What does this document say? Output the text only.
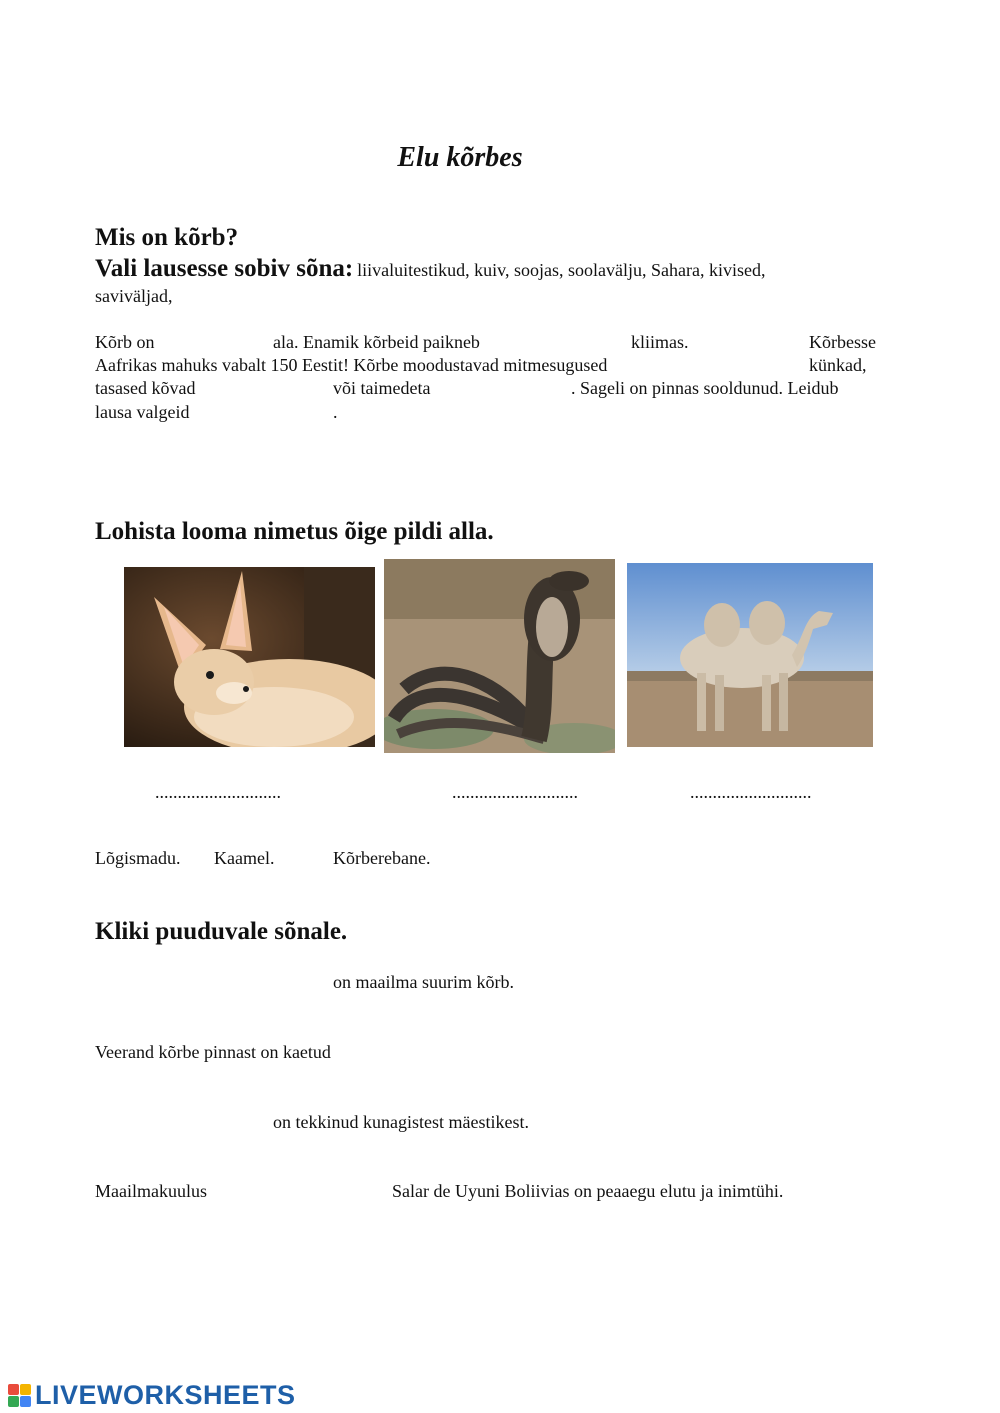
Elu kõrbes
Mis on kõrb?
Vali lausesse sobiv sõna: liivaluitestikud, kuiv, soojas, soolavälju, Sahara, kivised,
saviväljad,
Kõrb on	ala. Enamik kõrbeid paikneb	kliimas.	Kõrbesse
Aafrikas mahuks vabalt 150 Eestit! Kõrbe moodustavad mitmesugused	künkad,
tasased kõvad	või taimedeta	. Sageli on pinnas sooldunud. Leidub
lausa valgeid	.
Lohista looma nimetus õige pildi alla.
............................	............................	...........................
Lõgismadu. Kaamel.	Kõrberebane.
Kliki puuduvale sõnale.
on maailma suurim kõrb.
Veerand kõrbe pinnast on kaetud
on tekkinud kunagistest mäestikest.
Maailmakuulus	Salar de Uyuni Boliivias on peaaegu elutu ja inimtühi.
LIVEWORKSHEETS
